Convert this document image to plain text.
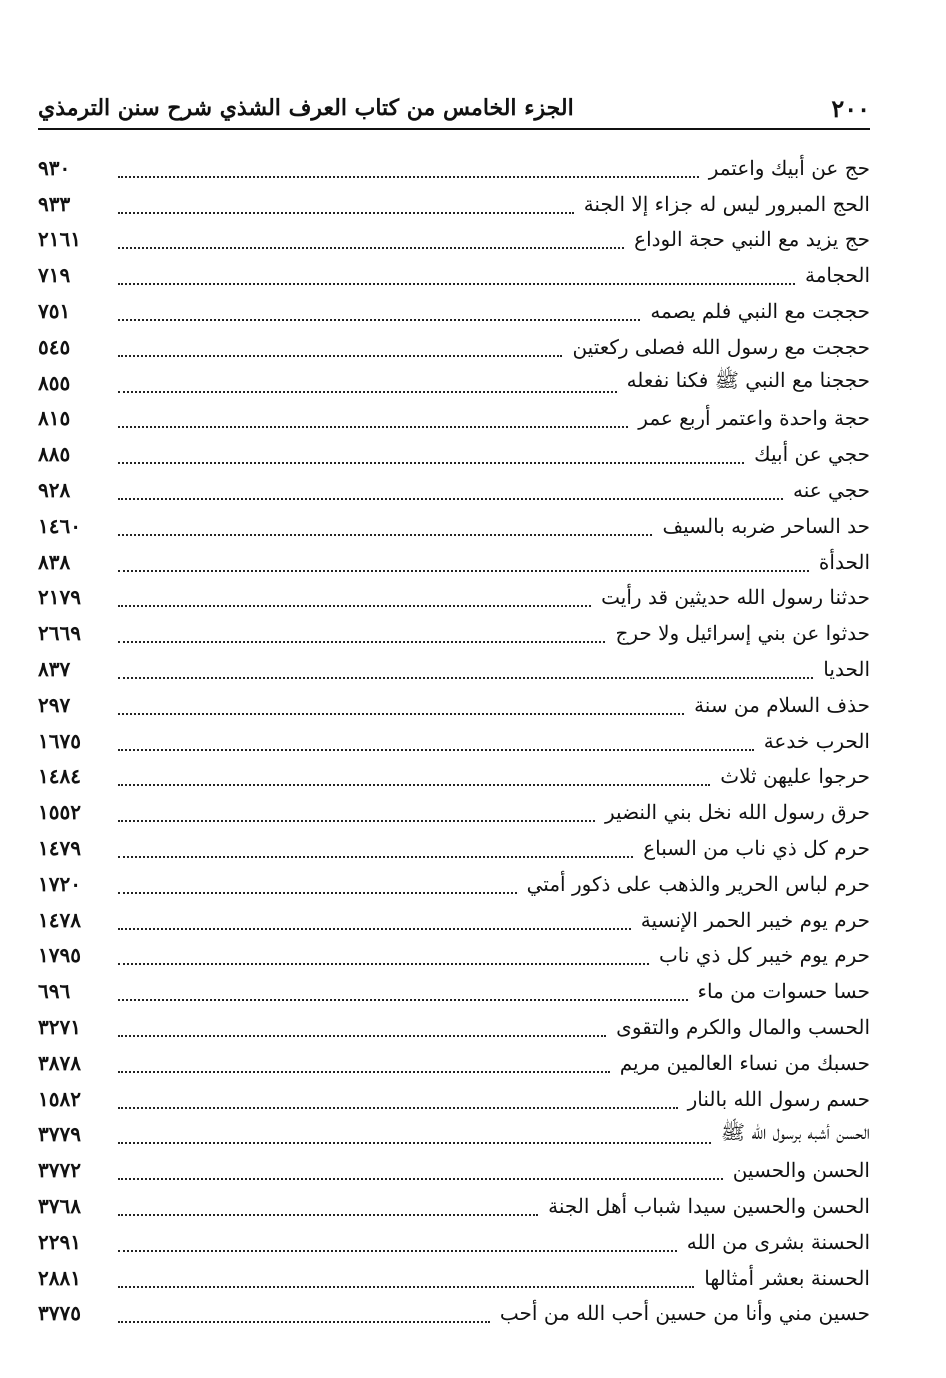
٢٠٠
الجزء الخامس من كتاب العرف الشذي شرح سنن الترمذي
حج عن أبيك واعتمر
٩٣٠
الحج المبرور ليس له جزاء إلا الجنة
٩٣٣
حج يزيد مع النبي حجة الوداع
٢١٦١
الحجامة
٧١٩
حججت مع النبي فلم يصمه
٧٥١
حججت مع رسول الله فصلى ركعتين
٥٤٥
حججنا مع النبي ﷺ فكنا نفعله
٨٥٥
حجة واحدة واعتمر أربع عمر
٨١٥
حجي عن أبيك
٨٨٥
حجي عنه
٩٢٨
حد الساحر ضربه بالسيف
١٤٦٠
الحدأة
٨٣٨
حدثنا رسول الله حديثين قد رأيت
٢١٧٩
حدثوا عن بني إسرائيل ولا حرج
٢٦٦٩
الحديا
٨٣٧
حذف السلام من سنة
٢٩٧
الحرب خدعة
١٦٧٥
حرجوا عليهن ثلاث
١٤٨٤
حرق رسول الله نخل بني النضير
١٥٥٢
حرم كل ذي ناب من السباع
١٤٧٩
حرم لباس الحرير والذهب على ذكور أمتي
١٧٢٠
حرم يوم خيبر الحمر الإنسية
١٤٧٨
حرم يوم خيبر كل ذي ناب
١٧٩٥
حسا حسوات من ماء
٦٩٦
الحسب والمال والكرم والتقوى
٣٢٧١
حسبك من نساء العالمين مريم
٣٨٧٨
حسم رسول الله بالنار
١٥٨٢
الحسن أشبه برسول الله ﷺ
٣٧٧٩
الحسن والحسين
٣٧٧٢
الحسن والحسين سيدا شباب أهل الجنة
٣٧٦٨
الحسنة بشرى من الله
٢٢٩١
الحسنة بعشر أمثالها
٢٨٨١
حسين مني وأنا من حسين أحب الله من أحب
٣٧٧٥
